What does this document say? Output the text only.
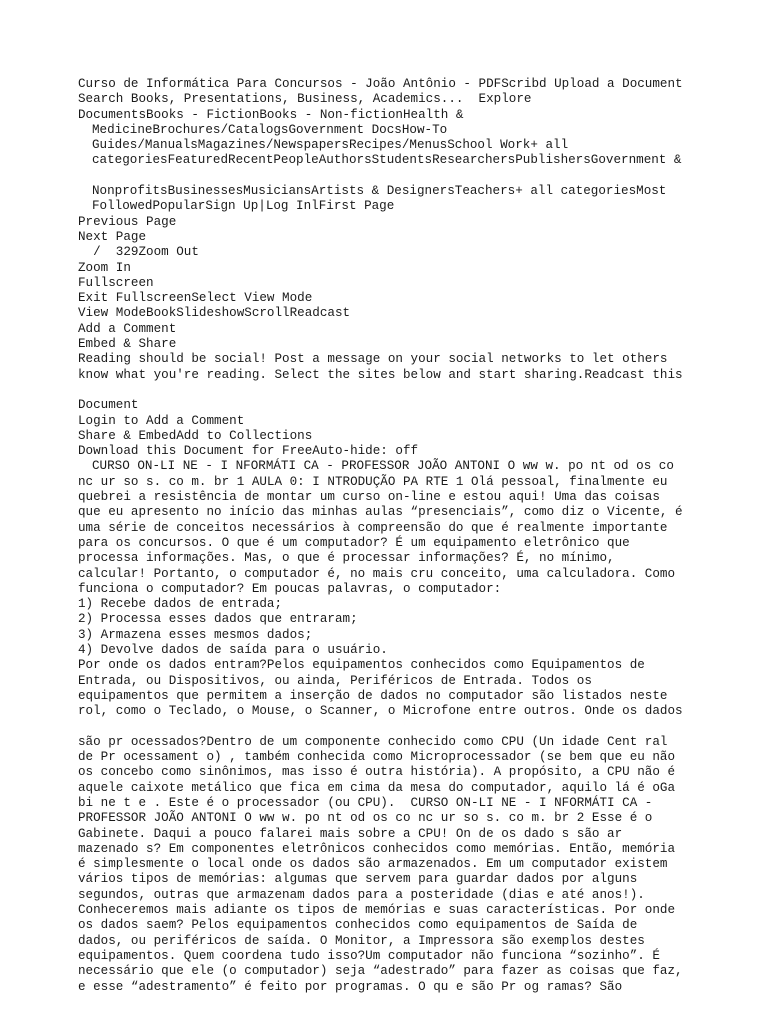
Curso de Informática Para Concursos - João Antônio - PDFScribd Upload a Document
Search Books, Presentations, Business, Academics...  Explore
DocumentsBooks - FictionBooks - Non-fictionHealth &
MedicineBrochures/CatalogsGovernment DocsHow-To
Guides/ManualsMagazines/NewspapersRecipes/MenusSchool Work+ all
categoriesFeaturedRecentPeopleAuthorsStudentsResearchersPublishersGovernment &
NonprofitsBusinessesMusiciansArtists & DesignersTeachers+ all categoriesMost
FollowedPopularSign Up|Log InlFirst Page
Previous Page
Next Page
/  329Zoom Out
Zoom In
Fullscreen
Exit FullscreenSelect View Mode
View ModeBookSlideshowScrollReadcast
Add a Comment
Embed & Share
Reading should be social! Post a message on your social networks to let others
know what you're reading. Select the sites below and start sharing.Readcast this
Document
Login to Add a Comment
Share & EmbedAdd to Collections
Download this Document for FreeAuto-hide: off
CURSO ON-LI NE - I NFORMÁTI CA - PROFESSOR JOÃO ANTONI O ww w. po nt od os co
nc ur so s. co m. br 1 AULA 0: I NTRODUÇÃO PA RTE 1 Olá pessoal, finalmente eu
quebrei a resistência de montar um curso on-line e estou aqui! Uma das coisas
que eu apresento no início das minhas aulas “presenciais”, como diz o Vicente, é
uma série de conceitos necessários à compreensão do que é realmente importante
para os concursos. O que é um computador? É um equipamento eletrônico que
processa informações. Mas, o que é processar informações? É, no mínimo,
calcular! Portanto, o computador é, no mais cru conceito, uma calculadora. Como
funciona o computador? Em poucas palavras, o computador:
1) Recebe dados de entrada;
2) Processa esses dados que entraram;
3) Armazena esses mesmos dados;
4) Devolve dados de saída para o usuário.
Por onde os dados entram?Pelos equipamentos conhecidos como Equipamentos de
Entrada, ou Dispositivos, ou ainda, Periféricos de Entrada. Todos os
equipamentos que permitem a inserção de dados no computador são listados neste
rol, como o Teclado, o Mouse, o Scanner, o Microfone entre outros. Onde os dados
são pr ocessados?Dentro de um componente conhecido como CPU (Un idade Cent ral
de Pr ocessament o) , também conhecida como Microprocessador (se bem que eu não
os concebo como sinônimos, mas isso é outra história). A propósito, a CPU não é
aquele caixote metálico que fica em cima da mesa do computador, aquilo lá é oGa
bi ne t e . Este é o processador (ou CPU).  CURSO ON-LI NE - I NFORMÁTI CA -
PROFESSOR JOÃO ANTONI O ww w. po nt od os co nc ur so s. co m. br 2 Esse é o
Gabinete. Daqui a pouco falarei mais sobre a CPU! On de os dado s são ar
mazenado s? Em componentes eletrônicos conhecidos como memórias. Então, memória
é simplesmente o local onde os dados são armazenados. Em um computador existem
vários tipos de memórias: algumas que servem para guardar dados por alguns
segundos, outras que armazenam dados para a posteridade (dias e até anos!).
Conheceremos mais adiante os tipos de memórias e suas características. Por onde
os dados saem? Pelos equipamentos conhecidos como equipamentos de Saída de
dados, ou periféricos de saída. O Monitor, a Impressora são exemplos destes
equipamentos. Quem coordena tudo isso?Um computador não funciona “sozinho”. É
necessário que ele (o computador) seja “adestrado” para fazer as coisas que faz,
e esse “adestramento” é feito por programas. O qu e são Pr og ramas? São
